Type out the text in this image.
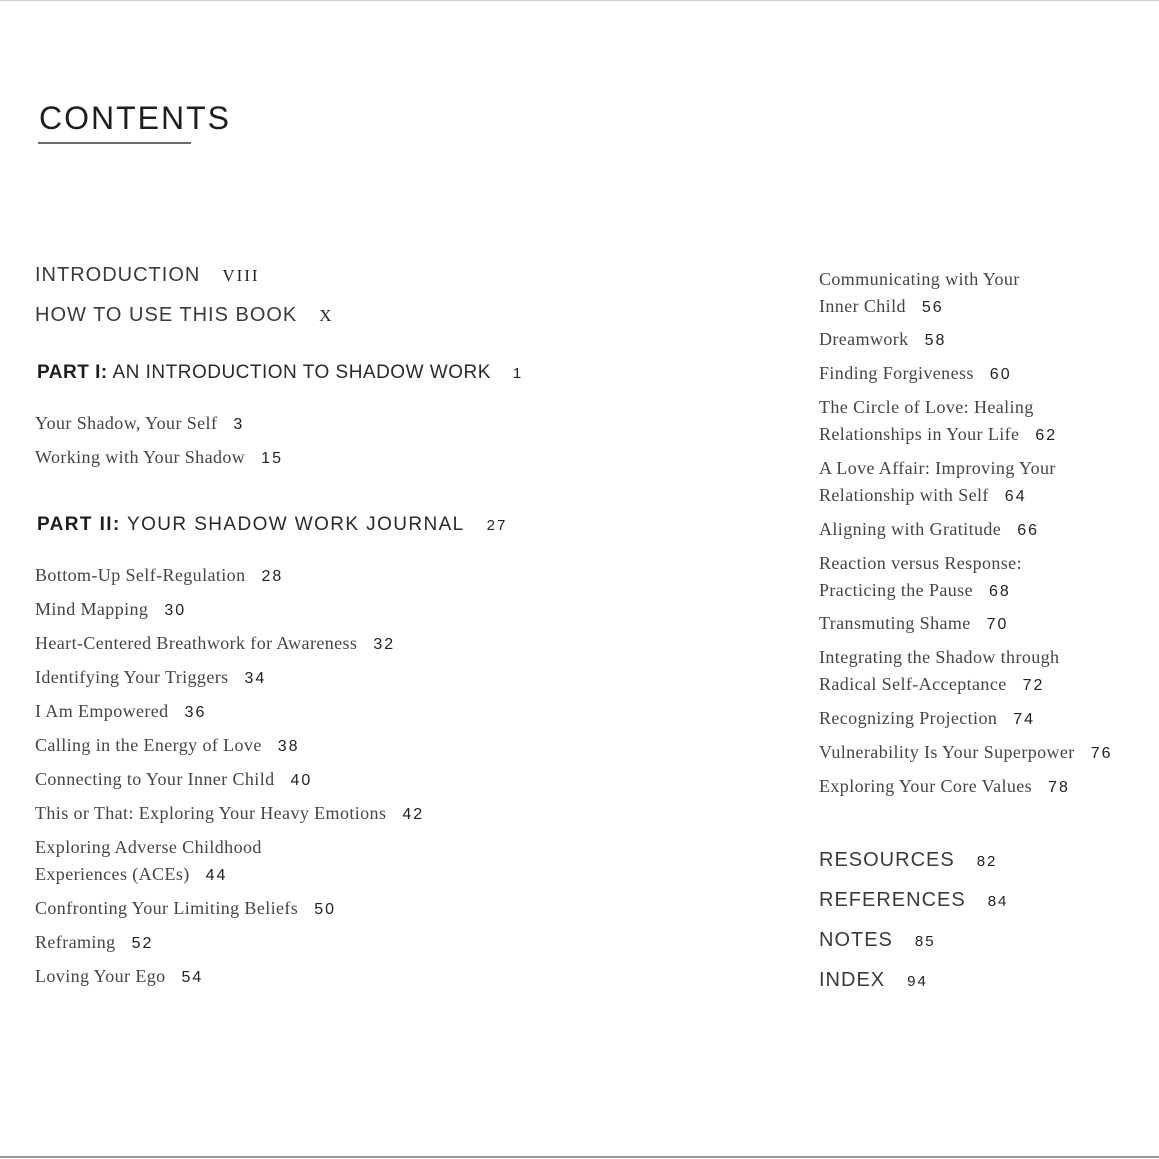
CONTENTS
INTRODUCTION VIII
HOW TO USE THIS BOOK X
PART I: AN INTRODUCTION TO SHADOW WORK 1
Your Shadow, Your Self 3
Working with Your Shadow 15
PART II: YOUR SHADOW WORK JOURNAL 27
Bottom-Up Self-Regulation 28
Mind Mapping 30
Heart-Centered Breathwork for Awareness 32
Identifying Your Triggers 34
I Am Empowered 36
Calling in the Energy of Love 38
Connecting to Your Inner Child 40
This or That: Exploring Your Heavy Emotions 42
Exploring Adverse Childhood
Experiences (ACEs) 44
Confronting Your Limiting Beliefs 50
Reframing 52
Loving Your Ego 54
Communicating with Your
Inner Child 56
Dreamwork 58
Finding Forgiveness 60
The Circle of Love: Healing
Relationships in Your Life 62
A Love Affair: Improving Your
Relationship with Self 64
Aligning with Gratitude 66
Reaction versus Response:
Practicing the Pause 68
Transmuting Shame 70
Integrating the Shadow through
Radical Self-Acceptance 72
Recognizing Projection 74
Vulnerability Is Your Superpower 76
Exploring Your Core Values 78
RESOURCES 82
REFERENCES 84
NOTES 85
INDEX 94
